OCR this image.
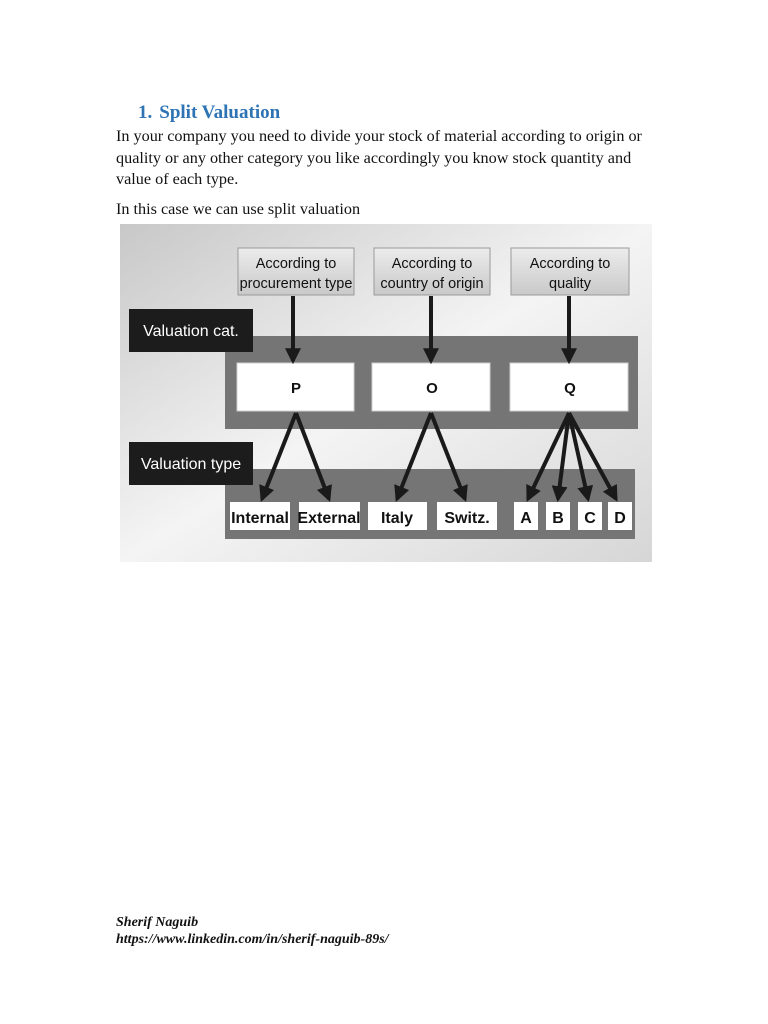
1. Split Valuation

In your company you need to divide your stock of material according to origin or quality or any other category you like accordingly you know stock quantity and value of each type.

In this case we can use split valuation

According to
procurement type
According to
country of origin
According to
quality
Valuation cat.
P	O	Q
Valuation type
Internal External Italy Switz. A B C D
Sherif Naguib
https://www.linkedin.com/in/sherif-naguib-89s/
